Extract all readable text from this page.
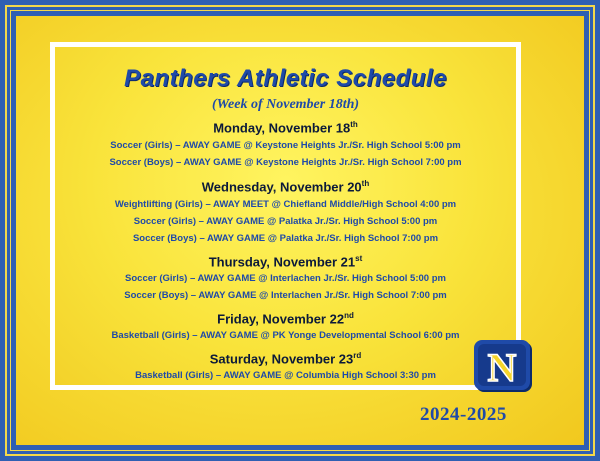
Panthers Athletic Schedule
(Week of November 18th)
Monday, November 18th
Soccer (Girls) – AWAY GAME @ Keystone Heights Jr./Sr. High School 5:00 pm
Soccer (Boys) – AWAY GAME @ Keystone Heights Jr./Sr. High School 7:00 pm
Wednesday, November 20th
Weightlifting (Girls) – AWAY MEET @ Chiefland Middle/High School 4:00 pm
Soccer (Girls) – AWAY GAME @ Palatka Jr./Sr. High School 5:00 pm
Soccer (Boys) – AWAY GAME @ Palatka Jr./Sr. High School 7:00 pm
Thursday, November 21st
Soccer (Girls) – AWAY GAME @ Interlachen Jr./Sr. High School 5:00 pm
Soccer (Boys) – AWAY GAME @ Interlachen Jr./Sr. High School 7:00 pm
Friday, November 22nd
Basketball (Girls) – AWAY GAME @ PK Yonge Developmental School 6:00 pm
Saturday, November 23rd
Basketball (Girls) – AWAY GAME @ Columbia High School 3:30 pm	N
2024-2025
